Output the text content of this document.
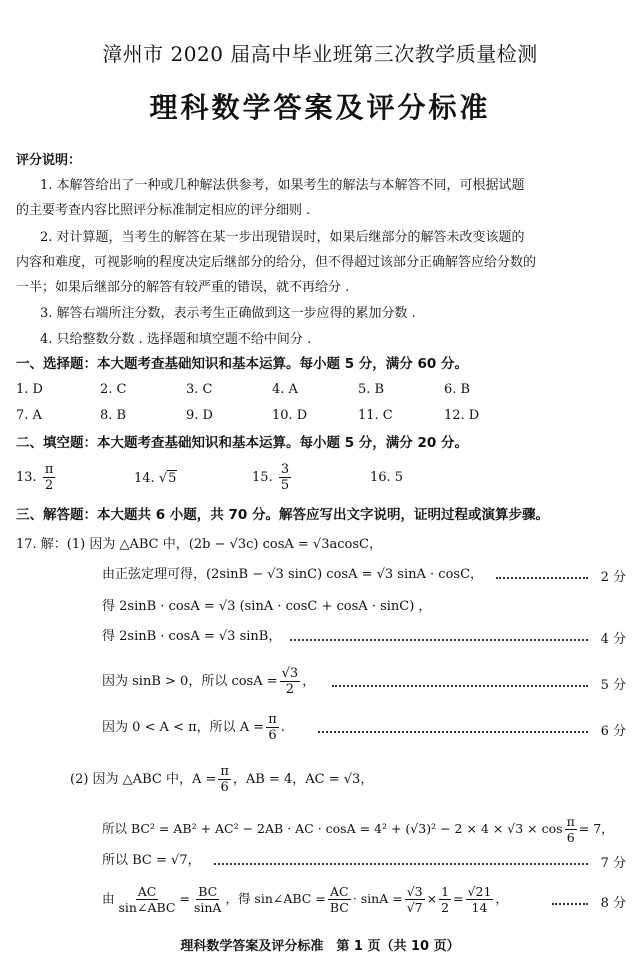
漳州市 2020 届高中毕业班第三次教学质量检测
理科数学答案及评分标准
评分说明：
1. 本解答给出了一种或几种解法供参考，如果考生的解法与本解答不同，可根据试题
的主要考查内容比照评分标准制定相应的评分细则 .
2. 对计算题，当考生的解答在某一步出现错误时，如果后继部分的解答未改变该题的
内容和难度，可视影响的程度决定后继部分的给分，但不得超过该部分正确解答应给分数的
一半；如果后继部分的解答有较严重的错误，就不再给分 .
3. 解答右端所注分数，表示考生正确做到这一步应得的累加分数 .
4. 只给整数分数 . 选择题和填空题不给中间分 .
一、选择题：本大题考查基础知识和基本运算。每小题 5 分，满分 60 分。
1. D	2. C	3. C	4. A	5. B	6. B
7. A	8. B	9. D	10. D	11. C	12. D
二、填空题：本大题考查基础知识和基本运算。每小题 5 分，满分 20 分。
13. $\frac{\pi}{2}$	14. √5	15. $\frac{3}{5}$	16. 5
三、解答题：本大题共 6 小题，共 70 分。解答应写出文字说明，证明过程或演算步骤。
17. 解：(1) 因为 △ABC 中，(2b − √3c) cosA = √3acosC，
由正弦定理可得，(2sinB − √3 sinC) cosA = √3 sinA · cosC，	2 分
得 2sinB · cosA = √3 (sinA · cosC + cosA · sinC) ，
得 2sinB · cosA = √3 sinB，	4 分
因为 sinB > 0，所以 $\cos A = \frac{√3}{2}$ ，	5 分
因为 0 < A < π，所以 $A = \frac{\pi}{6}$ .	6 分
(2) 因为 △ABC 中，$A = \frac{\pi}{6}$ ，AB = 4，AC = √3，
所以 BC² = AB² + AC² − 2AB · AC · $\cos A = 4^2 + (√3)^2 - 2 \times 4 \times √3 \times \cos \frac{\pi}{6} = 7$，
所以 BC = √7，	7 分
由 $\frac{AC}{\text{sin∠ABC}} = \frac{BC}{\sin A}$ ，得 sin∠ABC = $\frac{AC}{BC} \cdot \sin A = \frac{√3}{√7} \times \frac{1}{2} = \frac{√21}{14}$ ，	8 分
理科数学答案及评分标准　第 1 页（共 10 页）
